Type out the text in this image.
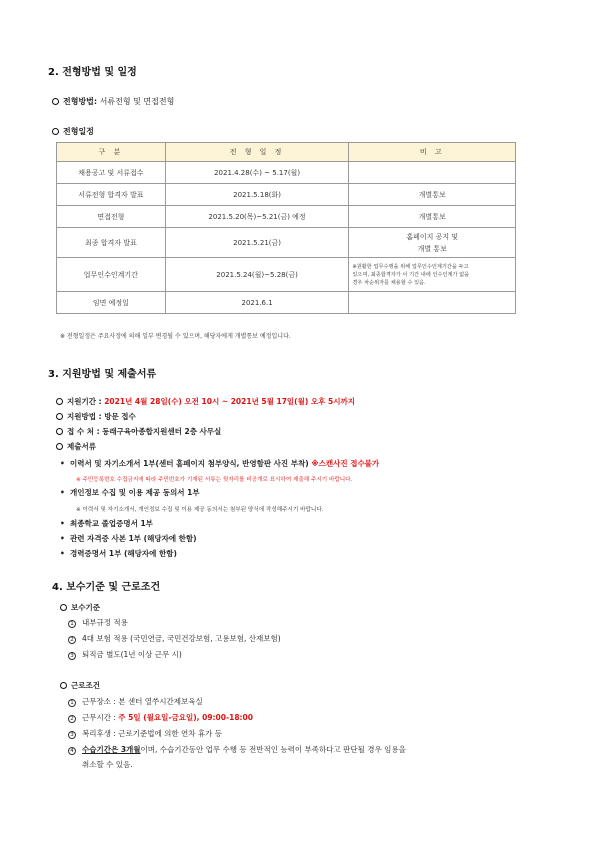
2. 전형방법 및 일정
전형방법: 서류전형 및 면접전형
전형일정
구 분	전 형 일 정	비 고
채용공고 및 서류접수	2021.4.28(수) ~ 5.17(월)	
서류전형 합격자 발표	2021.5.18(화)	개별통보
면접전형	2021.5.20(목)~5.21(금) 예정	개별통보
최종 합격자 발표	2021.5.21(금)	홈페이지 공지 및
개별 통보

업무인수인계기간	2021.5.24(월)~5.28(금)	※원활한 업무수행을 위해 업무인수인계기간을 두고
있으며, 최종합격자가 이 기간 내에 인수인계가 없을
경우 차순위자를 채용할 수 있음.

임면 예정일	2021.6.1	
※ 전형일정은 주요사정에 의해 일부 변경될 수 있으며, 해당자에게 개별통보 예정입니다.
3. 지원방법 및 제출서류
지원기간 : 2021년 4월 28일(수) 오전 10시 ~ 2021년 5월 17일(월) 오후 5시까지
지원방법 : 방문 접수
접 수 처 : 동래구육아종합지원센터 2층 사무실
제출서류
• 이력서 및 자기소개서 1부(센터 홈페이지 첨부양식, 반영함판 사진 부착) ※스캔사진 접수불가
※ 주민등록번호 수집금지에 따라 주민번호가 기재된 서류는 뒷자리를 비공개로 표시하여 제출해 주시기 바랍니다.
• 개인정보 수집 및 이용 제공 동의서 1부
※ 이력서 및 자기소개서, 개인정보 수집 및 이용 제공 동의서는 첨부된 양식에 작성해주시기 바랍니다.
• 최종학교 졸업증명서 1부
• 관련 자격증 사본 1부 (해당자에 한함)
• 경력증명서 1부 (해당자에 한함)
4. 보수기준 및 근로조건
보수기준
1 내부규정 적용
2 4대 보험 적용 (국민연금, 국민건강보험, 고용보험, 산재보험)
3 퇴직금 별도(1년 이상 근무 시)
근로조건
1 근무장소 : 본 센터 열쑤시간제보육실
2 근무시간 : 주 5일 (월요일-금요일), 09:00-18:00
3 복리후생 : 근로기준법에 의한 연차 휴가 등
4 수습기간은 3개월이며, 수습기간동안 업무 수행 등 전반적인 능력이 부족하다고 판단될 경우 임용을
취소할 수 있음.
